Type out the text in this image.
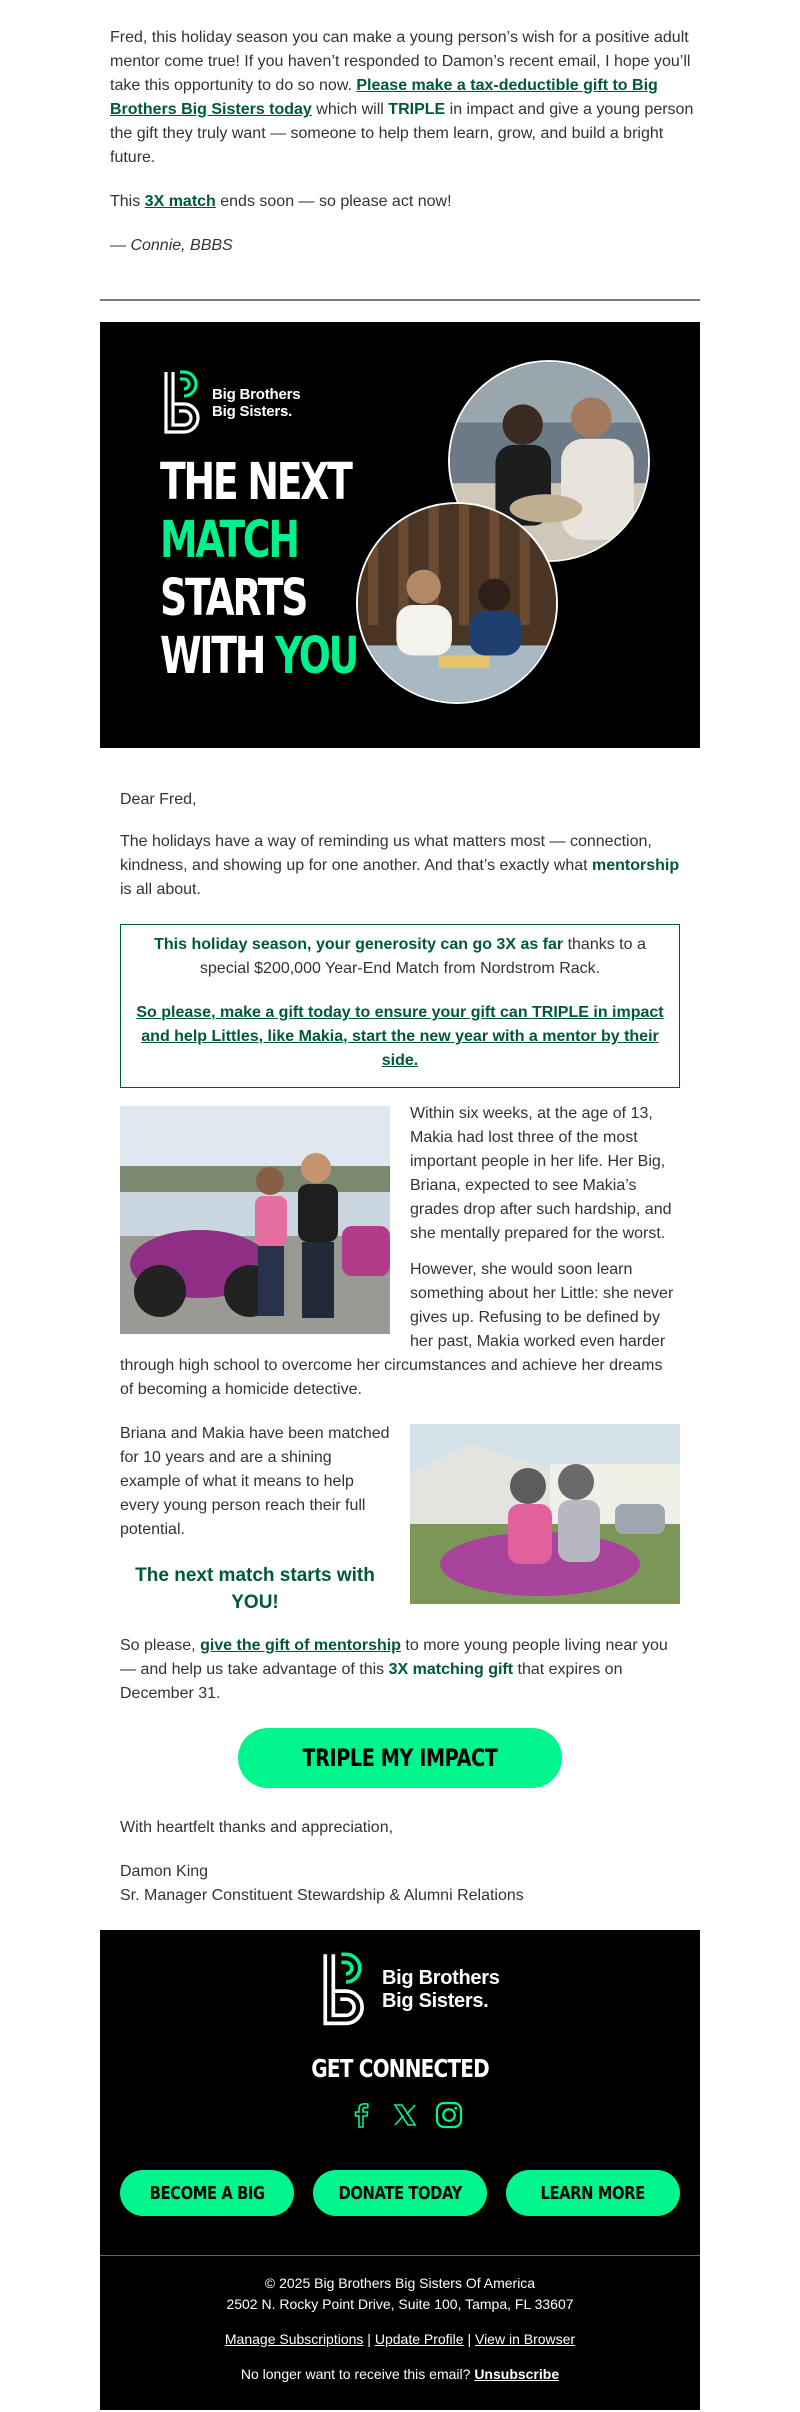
Fred, this holiday season you can make a young person’s wish for a positive adult mentor come true! If you haven’t responded to Damon’s recent email, I hope you’ll take this opportunity to do so now. Please make a tax-deductible gift to Big Brothers Big Sisters today which will TRIPLE in impact and give a young person the gift they truly want — someone to help them learn, grow, and build a bright future.

This 3X match ends soon — so please act now!

— Connie, BBBS

Big Brothers
Big Sisters.
THE NEXT
MATCH
STARTS
WITH YOU
Dear Fred,

The holidays have a way of reminding us what matters most — connection, kindness, and showing up for one another. And that’s exactly what mentorship is all about.

This holiday season, your generosity can go 3X as far thanks to a special $200,000 Year-End Match from Nordstrom Rack.

So please, make a gift today to ensure your gift can TRIPLE in impact and help Littles, like Makia, start the new year with a mentor by their side.

Within six weeks, at the age of 13, Makia had lost three of the most important people in her life. Her Big, Briana, expected to see Makia’s grades drop after such hardship, and she mentally prepared for the worst.

However, she would soon learn something about her Little: she never gives up. Refusing to be defined by her past, Makia worked even harder

through high school to overcome her circumstances and achieve her dreams of becoming a homicide detective.

Briana and Makia have been matched for 10 years and are a shining example of what it means to help every young person reach their full potential.

The next match starts with YOU!

So please, give the gift of mentorship to more young people living near you — and help us take advantage of this 3X matching gift that expires on December 31.

TRIPLE MY IMPACT
With heartfelt thanks and appreciation,
Damon King
Sr. Manager Constituent Stewardship & Alumni Relations
Big Brothers
Big Sisters.
GET CONNECTED
BECOME A BIG	DONATE TODAY	LEARN MORE
© 2025 Big Brothers Big Sisters Of America
2502 N. Rocky Point Drive, Suite 100, Tampa, FL 33607
Manage Subscriptions | Update Profile | View in Browser
No longer want to receive this email? Unsubscribe
